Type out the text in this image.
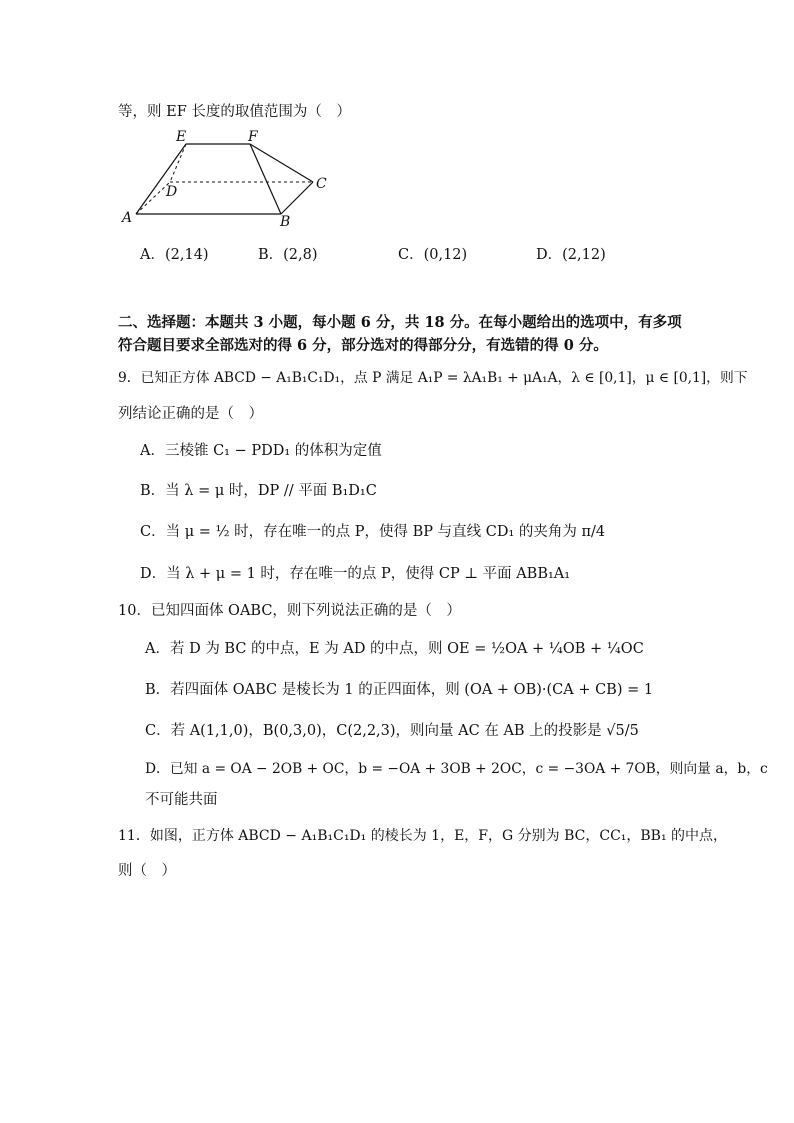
等，则 EF 长度的取值范围为（　）
E	F
C
D
A	B
A．(2,14)	B．(2,8)	C．(0,12)	D．(2,12)
二、选择题：本题共 3 小题，每小题 6 分，共 18 分。在每小题给出的选项中，有多项
符合题目要求全部选对的得 6 分，部分选对的得部分分，有选错的得 0 分。
9．已知正方体 ABCD − A₁B₁C₁D₁，点 P 满足 A₁P = λA₁B₁ + μA₁A，λ ∈ [0,1]，μ ∈ [0,1]，则下
列结论正确的是（　）
A．三棱锥 C₁ − PDD₁ 的体积为定值
B．当 λ = μ 时，DP // 平面 B₁D₁C
C．当 μ = ½ 时，存在唯一的点 P，使得 BP 与直线 CD₁ 的夹角为 π/4
D．当 λ + μ = 1 时，存在唯一的点 P，使得 CP ⊥ 平面 ABB₁A₁
10．已知四面体 OABC，则下列说法正确的是（　）
A．若 D 为 BC 的中点，E 为 AD 的中点，则 OE = ½OA + ¼OB + ¼OC
B．若四面体 OABC 是棱长为 1 的正四面体，则 (OA + OB)·(CA + CB) = 1
C．若 A(1,1,0)，B(0,3,0)，C(2,2,3)，则向量 AC 在 AB 上的投影是 √5/5
D．已知 a = OA − 2OB + OC，b = −OA + 3OB + 2OC，c = −3OA + 7OB，则向量 a，b，c
不可能共面
11．如图，正方体 ABCD − A₁B₁C₁D₁ 的棱长为 1，E，F，G 分别为 BC，CC₁，BB₁ 的中点，
则（　）
